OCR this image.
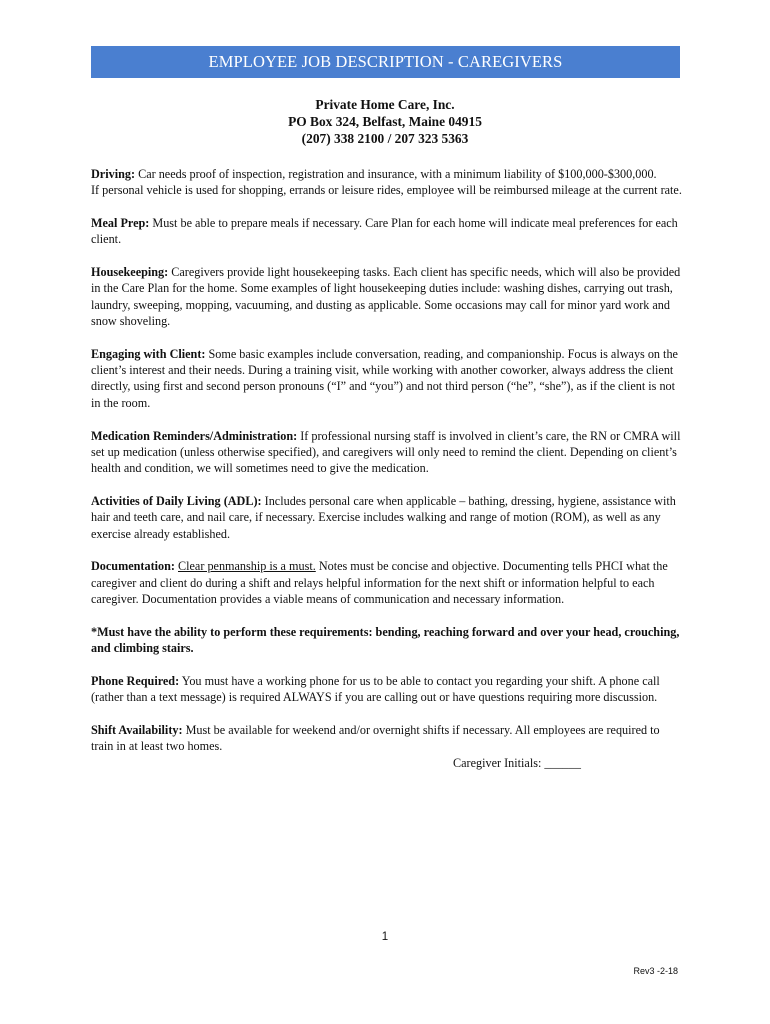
EMPLOYEE JOB DESCRIPTION - CAREGIVERS
Private Home Care, Inc.
PO Box 324, Belfast, Maine 04915
(207) 338 2100 / 207 323 5363
Driving: Car needs proof of inspection, registration and insurance, with a minimum liability of $100,000-$300,000.
If personal vehicle is used for shopping, errands or leisure rides, employee will be reimbursed mileage at the current rate.
Meal Prep: Must be able to prepare meals if necessary. Care Plan for each home will indicate meal preferences for each client.
Housekeeping: Caregivers provide light housekeeping tasks. Each client has specific needs, which will also be provided in the Care Plan for the home. Some examples of light housekeeping duties include: washing dishes, carrying out trash, laundry, sweeping, mopping, vacuuming, and dusting as applicable. Some occasions may call for minor yard work and snow shoveling.
Engaging with Client: Some basic examples include conversation, reading, and companionship. Focus is always on the client’s interest and their needs. During a training visit, while working with another coworker, always address the client directly, using first and second person pronouns (“I” and “you”) and not third person (“he”, “she”), as if the client is not in the room.
Medication Reminders/Administration: If professional nursing staff is involved in client’s care, the RN or CMRA will set up medication (unless otherwise specified), and caregivers will only need to remind the client. Depending on client’s health and condition, we will sometimes need to give the medication.
Activities of Daily Living (ADL): Includes personal care when applicable – bathing, dressing, hygiene, assistance with hair and teeth care, and nail care, if necessary. Exercise includes walking and range of motion (ROM), as well as any exercise already established.
Documentation: Clear penmanship is a must. Notes must be concise and objective. Documenting tells PHCI what the caregiver and client do during a shift and relays helpful information for the next shift or information helpful to each caregiver. Documentation provides a viable means of communication and necessary information.
*Must have the ability to perform these requirements: bending, reaching forward and over your head, crouching, and climbing stairs.
Phone Required: You must have a working phone for us to be able to contact you regarding your shift. A phone call (rather than a text message) is required ALWAYS if you are calling out or have questions requiring more discussion.
Shift Availability: Must be available for weekend and/or overnight shifts if necessary. All employees are required to train in at least two homes.
Caregiver Initials: ______
1
Rev3 -2-18
